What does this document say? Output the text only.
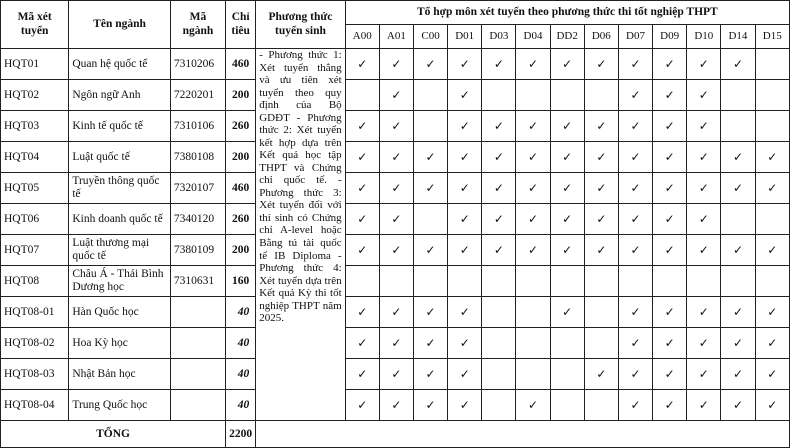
Mã xét tuyển	Tên ngành	Mã ngành	Chỉ tiêu	Phương thức tuyển sinh	Tổ hợp môn xét tuyển theo phương thức thi tốt nghiệp THPT												
					A00	A01	C00	D01	D03	D04	DD2	D06	D07	D09	D10	D14	D15
HQT01	Quan hệ quốc tế	7310206	460	- Phương thức 1: Xét tuyển thẳng và ưu tiên xét tuyển theo quy định của Bộ GDĐT - Phương thức 2: Xét tuyển kết hợp dựa trên Kết quả học tập THPT và Chứng chỉ quốc tế. - Phương thức 3: Xét tuyển đối với thí sinh có Chứng chỉ A-level hoặc Bằng tú tài quốc tế IB Diploma - Phương thức 4: Xét tuyển dựa trên Kết quả Kỳ thi tốt nghiệp THPT năm 2025.	✓	✓	✓	✓	✓	✓	✓	✓	✓	✓	✓	✓	
HQT02	Ngôn ngữ Anh	7220201	200			✓		✓					✓	✓	✓		
HQT03	Kinh tế quốc tế	7310106	260		✓	✓		✓	✓	✓	✓	✓	✓	✓	✓		
HQT04	Luật quốc tế	7380108	200		✓	✓	✓	✓	✓	✓	✓	✓	✓	✓	✓	✓	✓
HQT05	Truyền thông quốc tế	7320107	460		✓	✓	✓	✓	✓	✓	✓	✓	✓	✓	✓	✓	✓
HQT06	Kinh doanh quốc tế	7340120	260		✓	✓		✓	✓	✓	✓	✓	✓	✓	✓		
HQT07	Luật thương mại quốc tế	7380109	200		✓	✓	✓	✓	✓	✓	✓	✓	✓	✓	✓	✓	✓
HQT08	Châu Á - Thái Bình Dương học	7310631	160														
HQT08-01	Hàn Quốc học		40		✓	✓	✓	✓			✓		✓	✓	✓	✓	✓
HQT08-02	Hoa Kỳ học		40		✓	✓	✓	✓					✓	✓	✓	✓	✓
HQT08-03	Nhật Bản học		40		✓	✓	✓	✓				✓	✓	✓	✓	✓	✓
HQT08-04	Trung Quốc học		40		✓	✓	✓	✓		✓			✓	✓	✓	✓	✓
TỔNG			2200														
